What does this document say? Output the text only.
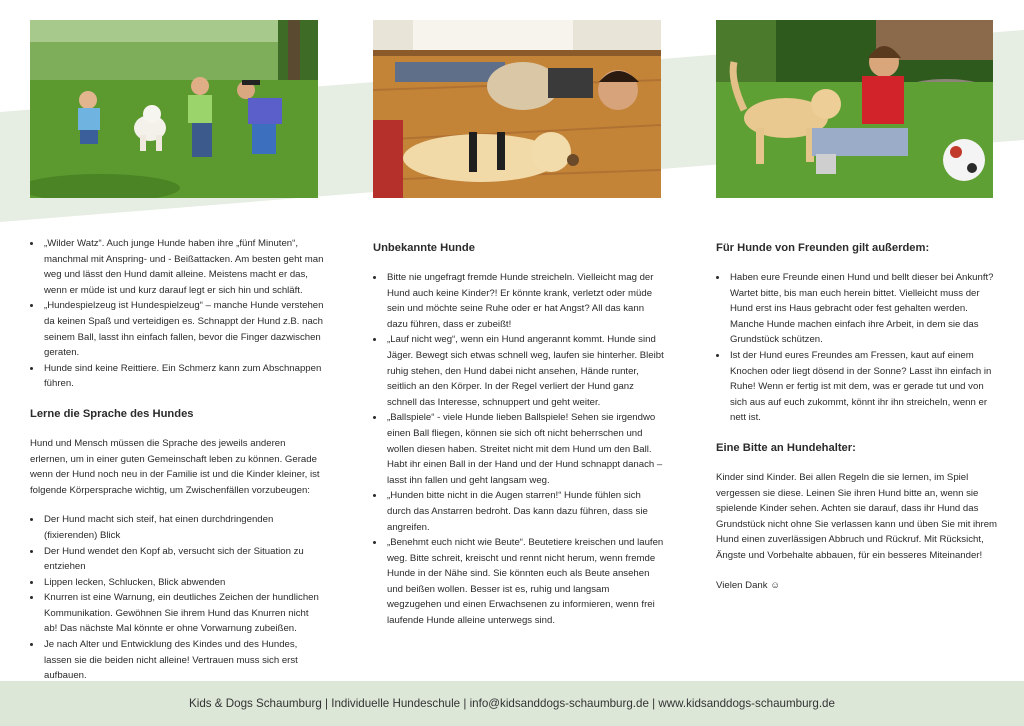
• „Wilder Watz“. Auch junge Hunde haben ihre „fünf Minuten“, manchmal mit Anspring- und - Beißattacken. Am besten geht man weg und lässt den Hund damit alleine. Meistens macht er das, wenn er müde ist und kurz darauf legt er sich hin und schläft.
• „Hundespielzeug ist Hundespielzeug“ – manche Hunde verstehen da keinen Spaß und verteidigen es. Schnappt der Hund z.B. nach seinem Ball, lasst ihn einfach fallen, bevor die Finger dazwischen geraten.
• Hunde sind keine Reittiere. Ein Schmerz kann zum Abschnappen führen.
Lerne die Sprache des Hundes

Hund und Mensch müssen die Sprache des jeweils anderen erlernen, um in einer guten Gemeinschaft leben zu können. Gerade wenn der Hund noch neu in der Familie ist und die Kinder kleiner, ist folgende Körpersprache wichtig, um Zwischenfällen vorzubeugen:

• Der Hund macht sich steif, hat einen durchdringenden (fixierenden) Blick
• Der Hund wendet den Kopf ab, versucht sich der Situation zu entziehen
• Lippen lecken, Schlucken, Blick abwenden
• Knurren ist eine Warnung, ein deutliches Zeichen der hundlichen Kommunikation. Gewöhnen Sie ihrem Hund das Knurren nicht ab! Das nächste Mal könnte er ohne Vorwarnung zubeißen.
• Je nach Alter und Entwicklung des Kindes und des Hundes, lassen sie die beiden nicht alleine! Vertrauen muss sich erst aufbauen.
Unbekannte Hunde
• Bitte nie ungefragt fremde Hunde streicheln. Vielleicht mag der Hund auch keine Kinder?! Er könnte krank, verletzt oder müde sein und möchte seine Ruhe oder er hat Angst? All das kann dazu führen, dass er zubeißt!
• „Lauf nicht weg“, wenn ein Hund angerannt kommt. Hunde sind Jäger. Bewegt sich etwas schnell weg, laufen sie hinterher. Bleibt ruhig stehen, den Hund dabei nicht ansehen, Hände runter, seitlich an den Körper. In der Regel verliert der Hund ganz schnell das Interesse, schnuppert und geht weiter.
• „Ballspiele“ - viele Hunde lieben Ballspiele! Sehen sie irgendwo einen Ball fliegen, können sie sich oft nicht beherrschen und wollen diesen haben. Streitet nicht mit dem Hund um den Ball. Habt ihr einen Ball in der Hand und der Hund schnappt danach – lasst ihn fallen und geht langsam weg.
• „Hunden bitte nicht in die Augen starren!“ Hunde fühlen sich durch das Anstarren bedroht. Das kann dazu führen, dass sie angreifen.
• „Benehmt euch nicht wie Beute“. Beutetiere kreischen und laufen weg. Bitte schreit, kreischt und rennt nicht herum, wenn fremde Hunde in der Nähe sind. Sie könnten euch als Beute ansehen und beißen wollen. Besser ist es, ruhig und langsam wegzugehen und einen Erwachsenen zu informieren, wenn frei laufende Hunde alleine unterwegs sind.
Für Hunde von Freunden gilt außerdem:
• Haben eure Freunde einen Hund und bellt dieser bei Ankunft? Wartet bitte, bis man euch herein bittet. Vielleicht muss der Hund erst ins Haus gebracht oder fest gehalten werden. Manche Hunde machen einfach ihre Arbeit, in dem sie das Grundstück schützen.
• Ist der Hund eures Freundes am Fressen, kaut auf einem Knochen oder liegt dösend in der Sonne? Lasst ihn einfach in Ruhe! Wenn er fertig ist mit dem, was er gerade tut und von sich aus auf euch zukommt, könnt ihr ihn streicheln, wenn er nett ist.
Eine Bitte an Hundehalter:

Kinder sind Kinder. Bei allen Regeln die sie lernen, im Spiel vergessen sie diese. Leinen Sie ihren Hund bitte an, wenn sie spielende Kinder sehen. Achten sie darauf, dass ihr Hund das Grundstück nicht ohne Sie verlassen kann und üben Sie mit ihrem Hund einen zuverlässigen Abbruch und Rückruf. Mit Rücksicht, Ängste und Vorbehalte abbauen, für ein besseres Miteinander!

Vielen Dank ☺

Kids & Dogs Schaumburg | Individuelle Hundeschule | info@kidsanddogs-schaumburg.de | www.kidsanddogs-schaumburg.de
